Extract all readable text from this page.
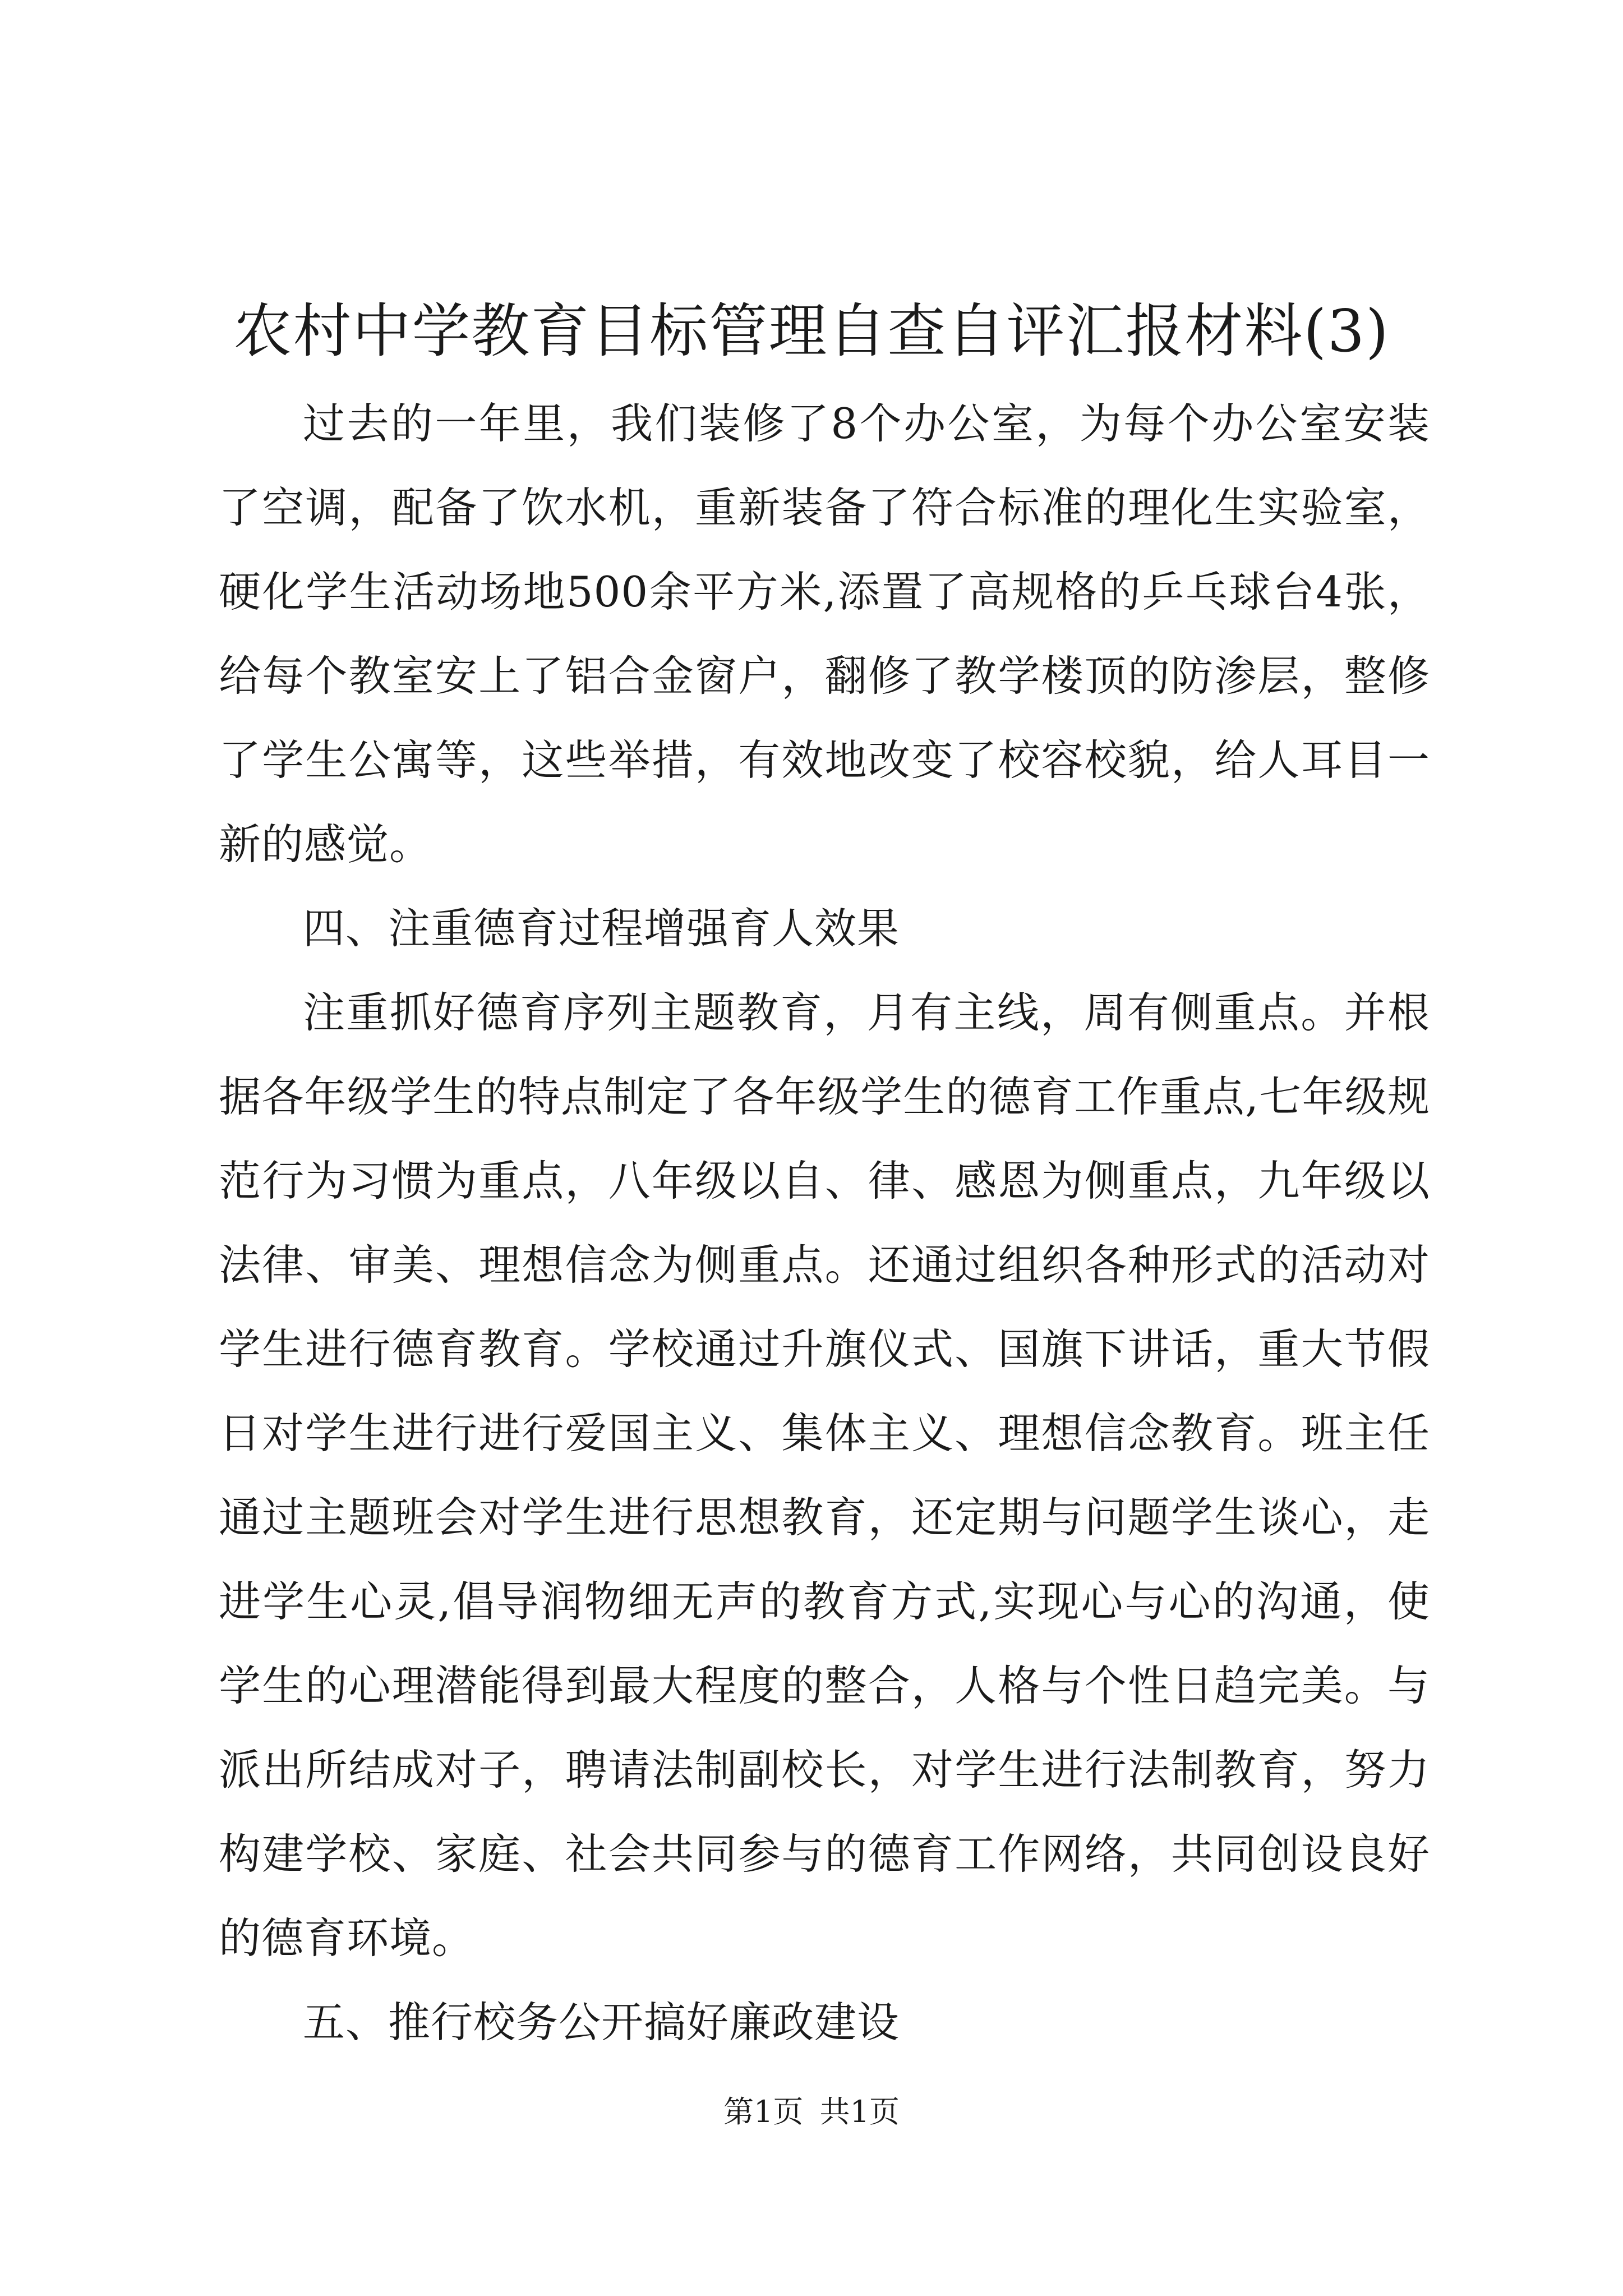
农村中学教育目标管理自查自评汇报材料(3)

过去的一年里，我们装修了8个办公室，为每个办公室安装了空调，配备了饮水机，重新装备了符合标准的理化生实验室，硬化学生活动场地500余平方米,添置了高规格的乒乓球台4张，给每个教室安上了铝合金窗户，翻修了教学楼顶的防渗层，整修了学生公寓等，这些举措，有效地改变了校容校貌，给人耳目一新的感觉。

四、注重德育过程增强育人效果

注重抓好德育序列主题教育，月有主线，周有侧重点。并根据各年级学生的特点制定了各年级学生的德育工作重点,七年级规范行为习惯为重点，八年级以自、律、感恩为侧重点，九年级以法律、审美、理想信念为侧重点。还通过组织各种形式的活动对学生进行德育教育。学校通过升旗仪式、国旗下讲话，重大节假日对学生进行进行爱国主义、集体主义、理想信念教育。班主任通过主题班会对学生进行思想教育，还定期与问题学生谈心，走进学生心灵,倡导润物细无声的教育方式,实现心与心的沟通，使学生的心理潜能得到最大程度的整合，人格与个性日趋完美。与派出所结成对子，聘请法制副校长，对学生进行法制教育，努力构建学校、家庭、社会共同参与的德育工作网络，共同创设良好的德育环境。

五、推行校务公开搞好廉政建设

第1页 共1页
